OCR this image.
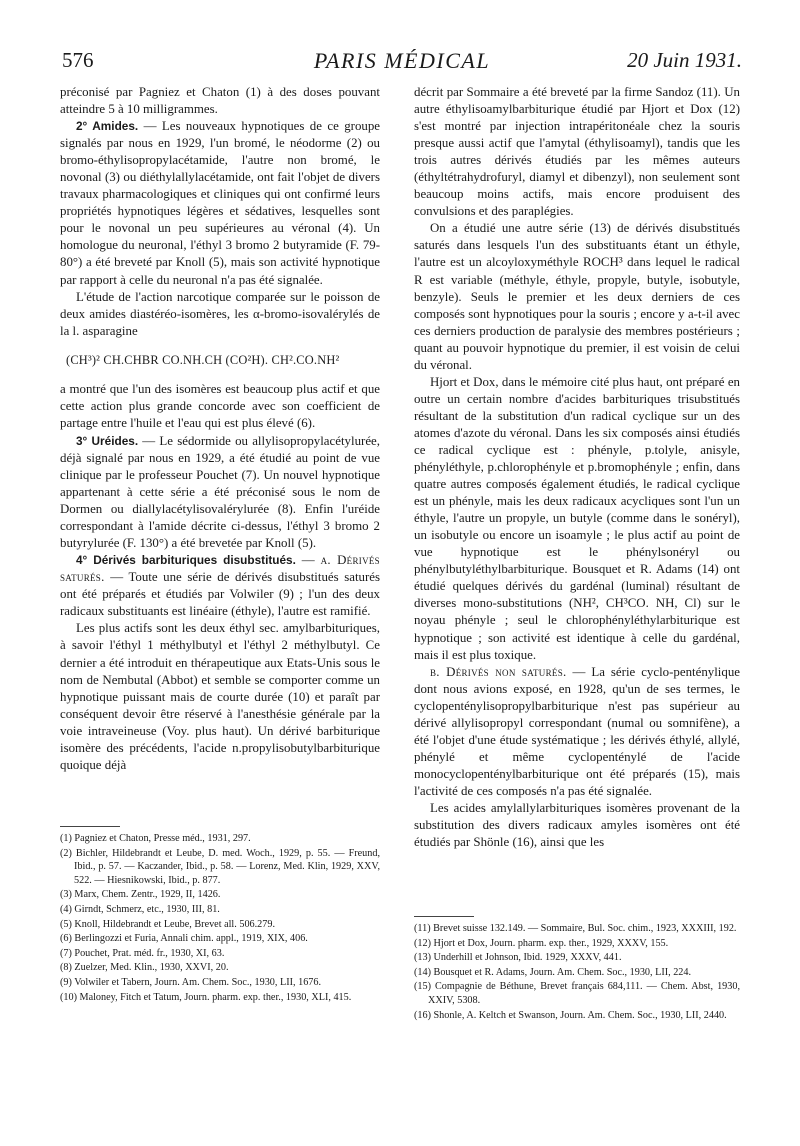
576	PARIS MÉDICAL	20 Juin 1931.

préconisé par Pagniez et Chaton (1) à des doses pouvant atteindre 5 à 10 milligrammes.

2° Amides. — Les nouveaux hypnotiques de ce groupe signalés par nous en 1929, l'un bromé, le néodorme (2) ou bromo-éthylisopropylacétamide, l'autre non bromé, le novonal (3) ou diéthylallylacétamide, ont fait l'objet de divers travaux pharmacologiques et cliniques qui ont confirmé leurs propriétés hypnotiques légères et sédatives, lesquelles sont pour le novonal un peu supérieures au véronal (4). Un homologue du neuronal, l'éthyl 3 bromo 2 butyramide (F. 79-80°) a été breveté par Knoll (5), mais son activité hypnotique par rapport à celle du neuronal n'a pas été signalée.

L'étude de l'action narcotique comparée sur le poisson de deux amides diastéréo-isomères, les α-bromo-isovalérylés de la l. asparagine

(CH³)² CH.CHBR CO.NH.CH (CO²H). CH².CO.NH²

a montré que l'un des isomères est beaucoup plus actif et que cette action plus grande concorde avec son coefficient de partage entre l'huile et l'eau qui est plus élevé (6).

3° Uréides. — Le sédormide ou allylisopropylacétylurée, déjà signalé par nous en 1929, a été étudié au point de vue clinique par le professeur Pouchet (7). Un nouvel hypnotique appartenant à cette série a été préconisé sous le nom de Dormen ou diallylacétylisovalérylurée (8). Enfin l'uréide correspondant à l'amide décrite ci-dessus, l'éthyl 3 bromo 2 butyrylurée (F. 130°) a été brevetée par Knoll (5).

4° Dérivés barbituriques disubstitués. — a. Dérivés saturés. — Toute une série de dérivés disubstitués saturés ont été préparés et étudiés par Volwiler (9) ; l'un des deux radicaux substituants est linéaire (éthyle), l'autre est ramifié.

Les plus actifs sont les deux éthyl sec. amylbarbituriques, à savoir l'éthyl 1 méthylbutyl et l'éthyl 2 méthylbutyl. Ce dernier a été introduit en thérapeutique aux Etats-Unis sous le nom de Nembutal (Abbot) et semble se comporter comme un hypnotique puissant mais de courte durée (10) et paraît par conséquent devoir être réservé à l'anesthésie générale par la voie intraveineuse (Voy. plus haut). Un dérivé barbiturique isomère des précédents, l'acide n.propylisobutylbarbiturique quoique déjà

décrit par Sommaire a été breveté par la firme Sandoz (11). Un autre éthylisoamylbarbiturique étudié par Hjort et Dox (12) s'est montré par injection intrapéritonéale chez la souris presque aussi actif que l'amytal (éthylisoamyl), tandis que les trois autres dérivés étudiés par les mêmes auteurs (éthyltétrahydrofuryl, diamyl et dibenzyl), non seulement sont beaucoup moins actifs, mais encore produisent des convulsions et des paraplégies.

On a étudié une autre série (13) de dérivés disubstitués saturés dans lesquels l'un des substituants étant un éthyle, l'autre est un alcoyloxyméthyle ROCH³ dans lequel le radical R est variable (méthyle, éthyle, propyle, butyle, isobutyle, benzyle). Seuls le premier et les deux derniers de ces composés sont hypnotiques pour la souris ; encore y a-t-il avec ces derniers production de paralysie des membres postérieurs ; quant au pouvoir hypnotique du premier, il est voisin de celui du véronal.

Hjort et Dox, dans le mémoire cité plus haut, ont préparé en outre un certain nombre d'acides barbituriques trisubstitués résultant de la substitution d'un radical cyclique sur un des atomes d'azote du véronal. Dans les six composés ainsi étudiés ce radical cyclique est : phényle, p.tolyle, anisyle, phényléthyle, p.chlorophényle et p.bromophényle ; enfin, dans quatre autres composés également étudiés, le radical cyclique est un phényle, mais les deux radicaux acycliques sont l'un un éthyle, l'autre un propyle, un butyle (comme dans le sonéryl), un isobutyle ou encore un isoamyle ; le plus actif au point de vue hypnotique est le phénylsonéryl ou phénylbutyléthylbarbiturique. Bousquet et R. Adams (14) ont étudié quelques dérivés du gardénal (luminal) résultant de diverses mono-substitutions (NH², CH³CO. NH, Cl) sur le noyau phényle ; seul le chlorophényléthylarbiturique est hypnotique ; son activité est identique à celle du gardénal, mais il est plus toxique.

b. Dérivés non saturés. — La série cyclo-penténylique dont nous avions exposé, en 1928, qu'un de ses termes, le cyclopenténylisopropylbarbiturique n'est pas supérieur au dérivé allylisopropyl correspondant (numal ou somnifène), a été l'objet d'une étude systématique ; les dérivés éthylé, allylé, phénylé et même cyclopenténylé de l'acide monocyclopenténylbarbiturique ont été préparés (15), mais l'activité de ces composés n'a pas été signalée.

Les acides amylallylarbituriques isomères provenant de la substitution des divers radicaux amyles isomères ont été étudiés par Shönle (16), ainsi que les

(1) Pagniez et Chaton, Presse méd., 1931, 297.

(2) Bichler, Hildebrandt et Leube, D. med. Woch., 1929, p. 55. — Freund, Ibid., p. 57. — Kaczander, Ibid., p. 58. — Lorenz, Med. Klin, 1929, XXV, 522. — Hiesnikowski, Ibid., p. 877.

(3) Marx, Chem. Zentr., 1929, II, 1426.

(4) Girndt, Schmerz, etc., 1930, III, 81.

(5) Knoll, Hildebrandt et Leube, Brevet all. 506.279.

(6) Berlingozzi et Furia, Annali chim. appl., 1919, XIX, 406.

(7) Pouchet, Prat. méd. fr., 1930, XI, 63.

(8) Zuelzer, Med. Klin., 1930, XXVI, 20.

(9) Volwiler et Tabern, Journ. Am. Chem. Soc., 1930, LII, 1676.

(10) Maloney, Fitch et Tatum, Journ. pharm. exp. ther., 1930, XLI, 415.

(11) Brevet suisse 132.149. — Sommaire, Bul. Soc. chim., 1923, XXXIII, 192.

(12) Hjort et Dox, Journ. pharm. exp. ther., 1929, XXXV, 155.

(13) Underhill et Johnson, Ibid. 1929, XXXV, 441.

(14) Bousquet et R. Adams, Journ. Am. Chem. Soc., 1930, LII, 224.

(15) Compagnie de Béthune, Brevet français 684,111. — Chem. Abst, 1930, XXIV, 5308.

(16) Shonle, A. Keltch et Swanson, Journ. Am. Chem. Soc., 1930, LII, 2440.
